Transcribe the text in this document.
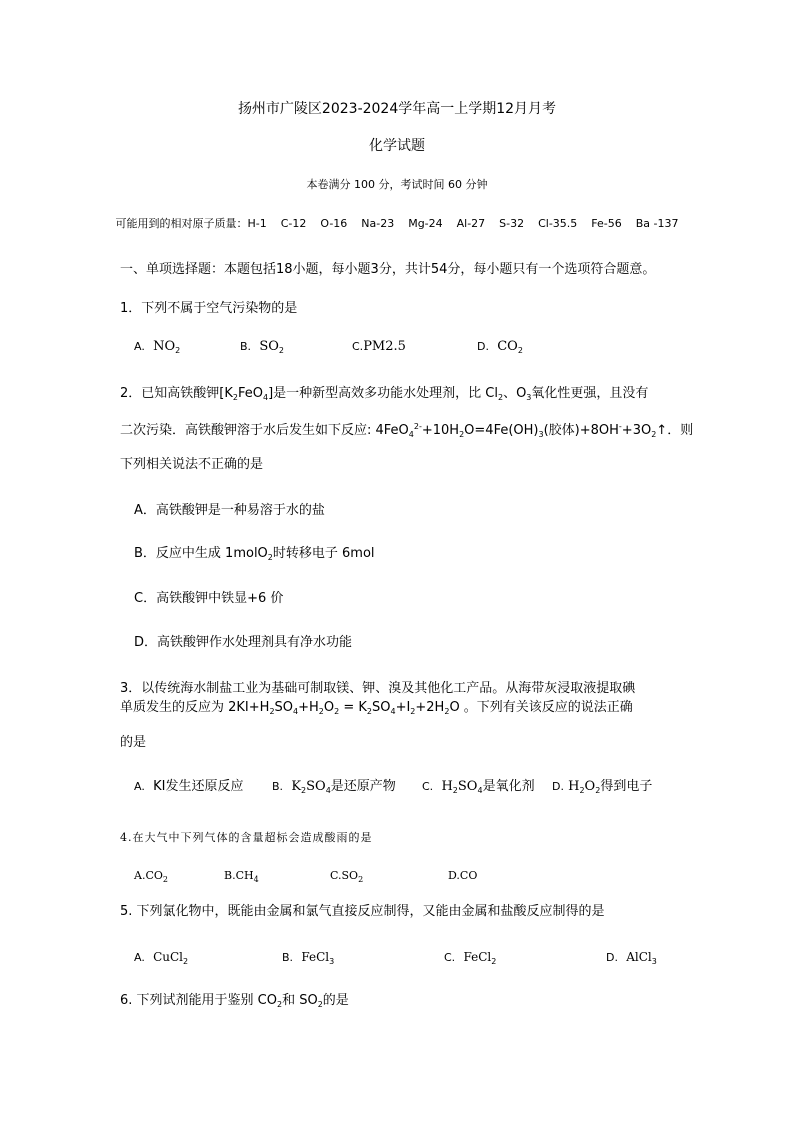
扬州市广陵区2023-2024学年高一上学期12月月考
化学试题
本卷满分 100 分，考试时间 60 分钟
可能用到的相对原子质量：H-1    C-12    O-16    Na-23    Mg-24    Al-27    S-32    Cl-35.5    Fe-56    Ba -137
一、单项选择题：本题包括18小题，每小题3分，共计54分，每小题只有一个选项符合题意。
1．下列不属于空气污染物的是
A. $NO_2$	B. $SO_2$	C.PM2.5	D. $CO_2$
2．已知高铁酸钾$[K_2FeO_4]$是一种新型高效多功能水处理剂，比 $Cl_2$、$O_3$氧化性更强，且没有
二次污染．高铁酸钾溶于水后发生如下反应: $4FeO_4^{2-}+10H_2O=4Fe(OH)_3$(胶体)$+8OH^-+3O_2↑$．则
下列相关说法不正确的是
A．高铁酸钾是一种易溶于水的盐
B．反应中生成 1molO$_2$时转移电子 6mol
C．高铁酸钾中铁显+6 价
D．高铁酸钾作水处理剂具有净水功能
3．以传统海水制盐工业为基础可制取镁、钾、溴及其他化工产品。从海带灰浸取液提取碘
单质发生的反应为 $2KI+H_2SO_4+H_2O_2 = K_2SO_4+I_2+2H_2O$ 。下列有关该反应的说法正确
的是
A. KI发生还原反应	B. $K_2SO_4$是还原产物 C. $H_2SO_4$是氧化剂 D. $H_2O_2$得到电子
4.在大气中下列气体的含量超标会造成酸雨的是
$A.CO_2$	$B.CH_4$	$C.SO_2$	D.CO
5. 下列氯化物中，既能由金属和氯气直接反应制得，又能由金属和盐酸反应制得的是
A. CuCl$_2$	B. FeCl$_3$	C. FeCl$_2$	D. AlCl$_3$
6. 下列试剂能用于鉴别 $CO_2$和 $SO_2$的是
